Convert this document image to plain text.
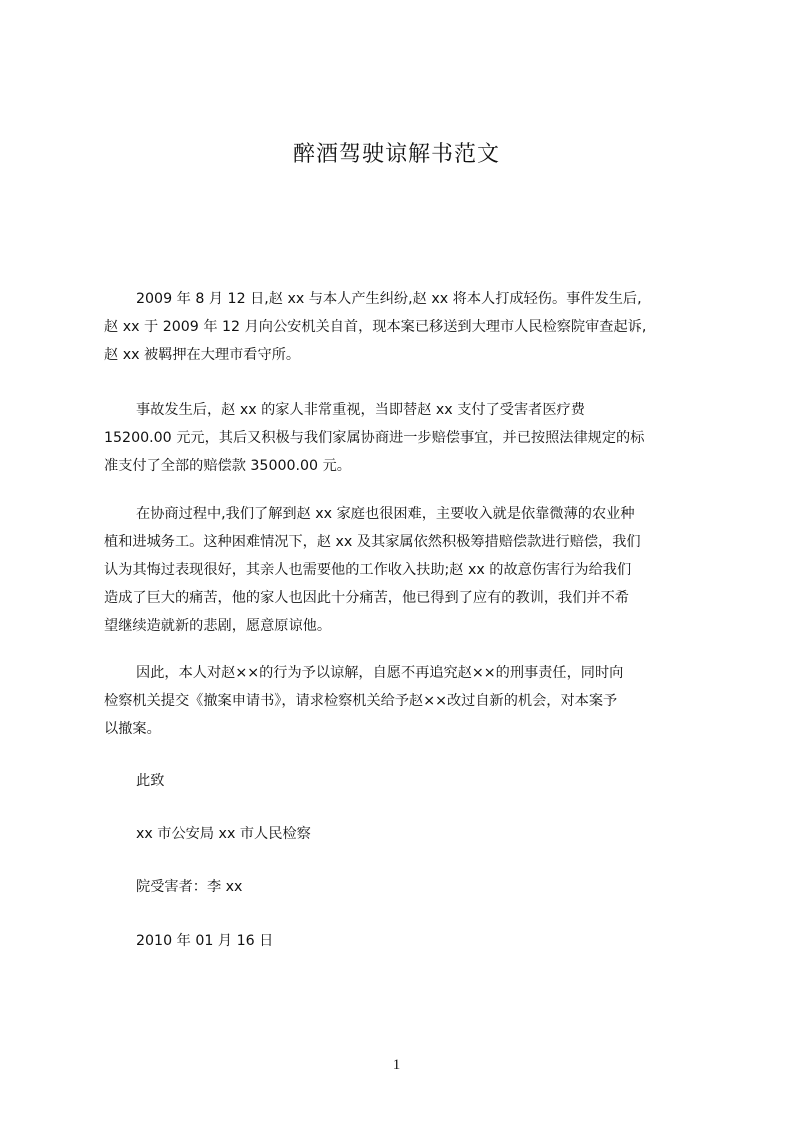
醉酒驾驶谅解书范文
2009 年 8 月 12 日,赵 xx 与本人产生纠纷,赵 xx 将本人打成轻伤。事件发生后,
赵 xx 于 2009 年 12 月向公安机关自首，现本案已移送到大理市人民检察院审查起诉,
赵 xx 被羁押在大理市看守所。
事故发生后，赵 xx 的家人非常重视，当即替赵 xx 支付了受害者医疗费
15200.00 元元，其后又积极与我们家属协商进一步赔偿事宜，并已按照法律规定的标
准支付了全部的赔偿款 35000.00 元。
在协商过程中,我们了解到赵 xx 家庭也很困难，主要收入就是依靠微薄的农业种
植和进城务工。这种困难情况下，赵 xx 及其家属依然积极筹措赔偿款进行赔偿，我们
认为其悔过表现很好，其亲人也需要他的工作收入扶助;赵 xx 的故意伤害行为给我们
造成了巨大的痛苦，他的家人也因此十分痛苦，他已得到了应有的教训，我们并不希
望继续造就新的悲剧，愿意原谅他。
因此，本人对赵××的行为予以谅解，自愿不再追究赵××的刑事责任，同时向
检察机关提交《撤案申请书》，请求检察机关给予赵××改过自新的机会，对本案予
以撤案。
此致
xx 市公安局 xx 市人民检察
院受害者：李 xx
2010 年 01 月 16 日
1
